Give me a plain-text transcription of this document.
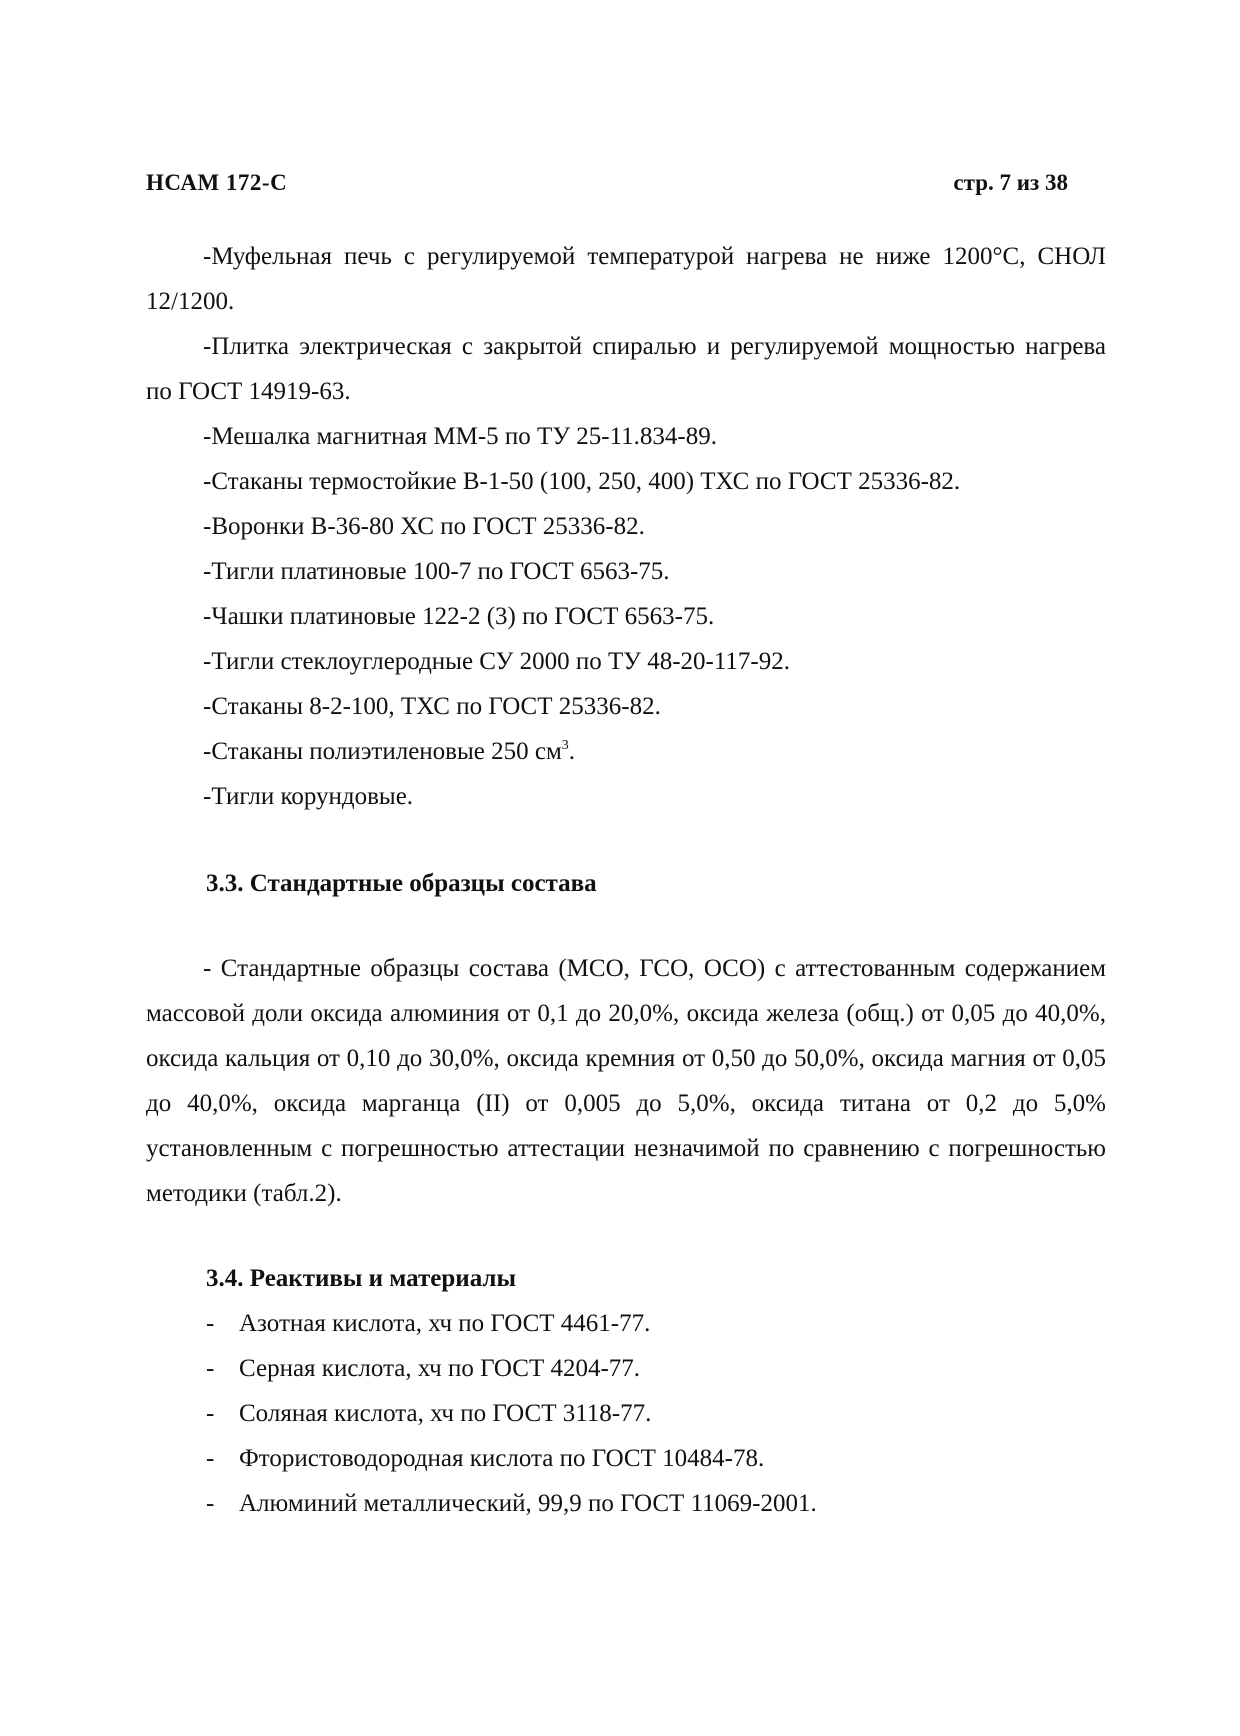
НСАМ 172-С	стр. 7 из 38

-Муфельная печь с регулируемой температурой нагрева не ниже 1200°С, СНОЛ 12/1200.

-Плитка электрическая с закрытой спиралью и регулируемой мощностью нагрева по ГОСТ 14919-63.

-Мешалка магнитная ММ-5 по ТУ 25-11.834-89.

-Стаканы термостойкие В-1-50 (100, 250, 400) ТХС по ГОСТ 25336-82.

-Воронки В-36-80 ХС по ГОСТ 25336-82.

-Тигли платиновые 100-7 по ГОСТ 6563-75.

-Чашки платиновые 122-2 (3) по ГОСТ 6563-75.

-Тигли стеклоуглеродные СУ 2000 по ТУ 48-20-117-92.

-Стаканы 8-2-100, ТХС по ГОСТ 25336-82.

-Стаканы полиэтиленовые 250 $см^3$.

-Тигли корундовые.

3.3. Стандартные образцы состава

- Стандартные образцы состава (МСО, ГСО, ОСО) с аттестованным содержанием массовой доли оксида алюминия от 0,1 до 20,0%, оксида железа (общ.) от 0,05 до 40,0%, оксида кальция от 0,10 до 30,0%, оксида кремния от 0,50 до 50,0%, оксида магния от 0,05 до 40,0%, оксида марганца (II) от 0,005 до 5,0%, оксида титана от 0,2 до 5,0% установленным с погрешностью аттестации незначимой по сравнению с погрешностью методики (табл.2).

3.4. Реактивы и материалы
- Азотная кислота, хч по ГОСТ 4461-77.
- Серная кислота, хч по ГОСТ 4204-77.
- Соляная кислота, хч по ГОСТ 3118-77.
- Фтористоводородная кислота по ГОСТ 10484-78.
- Алюминий металлический, 99,9 по ГОСТ 11069-2001.
